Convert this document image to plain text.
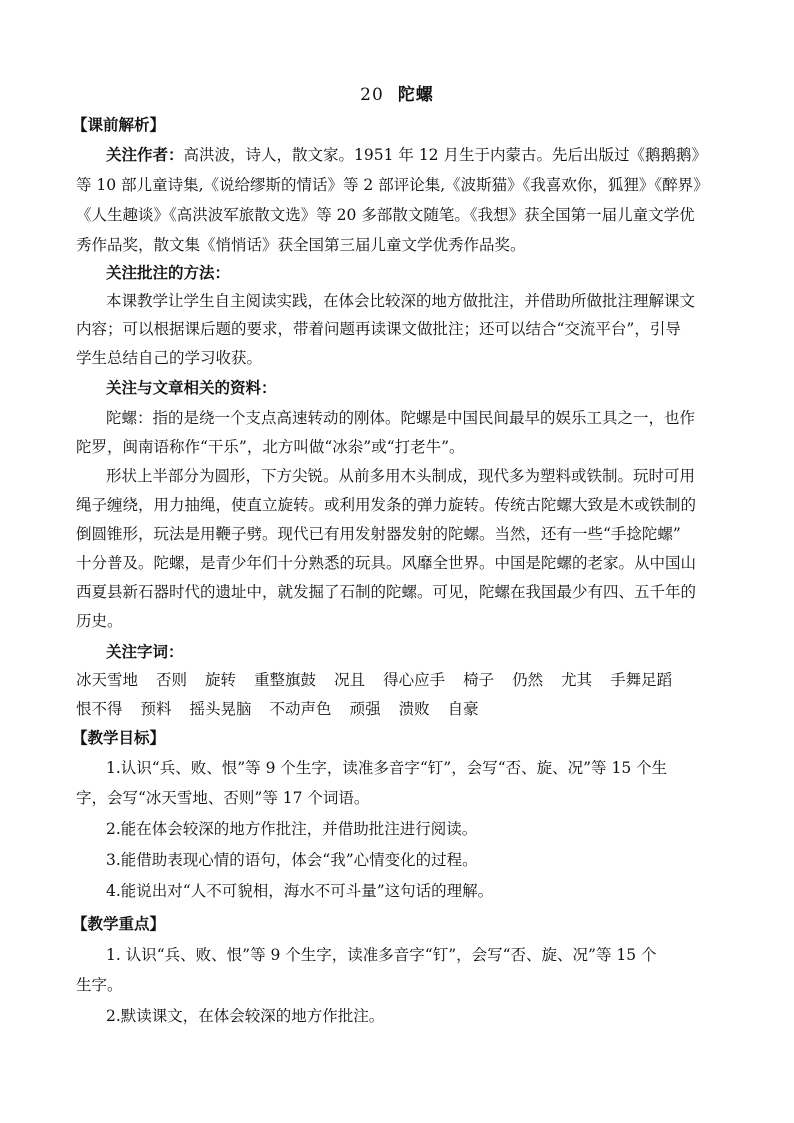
20 陀螺
【课前解析】
关注作者：高洪波，诗人，散文家。1951 年 12 月生于内蒙古。先后出版过《鹅鹅鹅》
等 10 部儿童诗集,《说给缪斯的情话》等 2 部评论集,《波斯猫》《我喜欢你，狐狸》《醉界》
《人生趣谈》《高洪波军旅散文选》等 20 多部散文随笔。《我想》获全国第一届儿童文学优
秀作品奖，散文集《悄悄话》获全国第三届儿童文学优秀作品奖。
关注批注的方法：
本课教学让学生自主阅读实践，在体会比较深的地方做批注，并借助所做批注理解课文
内容；可以根据课后题的要求，带着问题再读课文做批注；还可以结合“交流平台”，引导
学生总结自己的学习收获。
关注与文章相关的资料：
陀螺：指的是绕一个支点高速转动的刚体。陀螺是中国民间最早的娱乐工具之一，也作
陀罗，闽南语称作“干乐”，北方叫做“冰尜”或“打老牛”。
形状上半部分为圆形，下方尖锐。从前多用木头制成，现代多为塑料或铁制。玩时可用
绳子缠绕，用力抽绳，使直立旋转。或利用发条的弹力旋转。传统古陀螺大致是木或铁制的
倒圆锥形，玩法是用鞭子劈。现代已有用发射器发射的陀螺。当然，还有一些“手捻陀螺”
十分普及。陀螺，是青少年们十分熟悉的玩具。风靡全世界。中国是陀螺的老家。从中国山
西夏县新石器时代的遗址中，就发掘了石制的陀螺。可见，陀螺在我国最少有四、五千年的
历史。
关注字词：
冰天雪地 否则 旋转 重整旗鼓 况且 得心应手 椅子 仍然 尤其 手舞足蹈
恨不得 预料 摇头晃脑 不动声色 顽强 溃败 自豪
【教学目标】
1.认识“兵、败、恨”等 9 个生字，读准多音字“钉”，会写“否、旋、况”等 15 个生
字，会写“冰天雪地、否则”等 17 个词语。
2.能在体会较深的地方作批注，并借助批注进行阅读。
3.能借助表现心情的语句，体会“我”心情变化的过程。
4.能说出对“人不可貌相，海水不可斗量”这句话的理解。
【教学重点】
1. 认识“兵、败、恨”等 9 个生字，读准多音字“钉”，会写“否、旋、况”等 15 个
生字。
2.默读课文，在体会较深的地方作批注。
